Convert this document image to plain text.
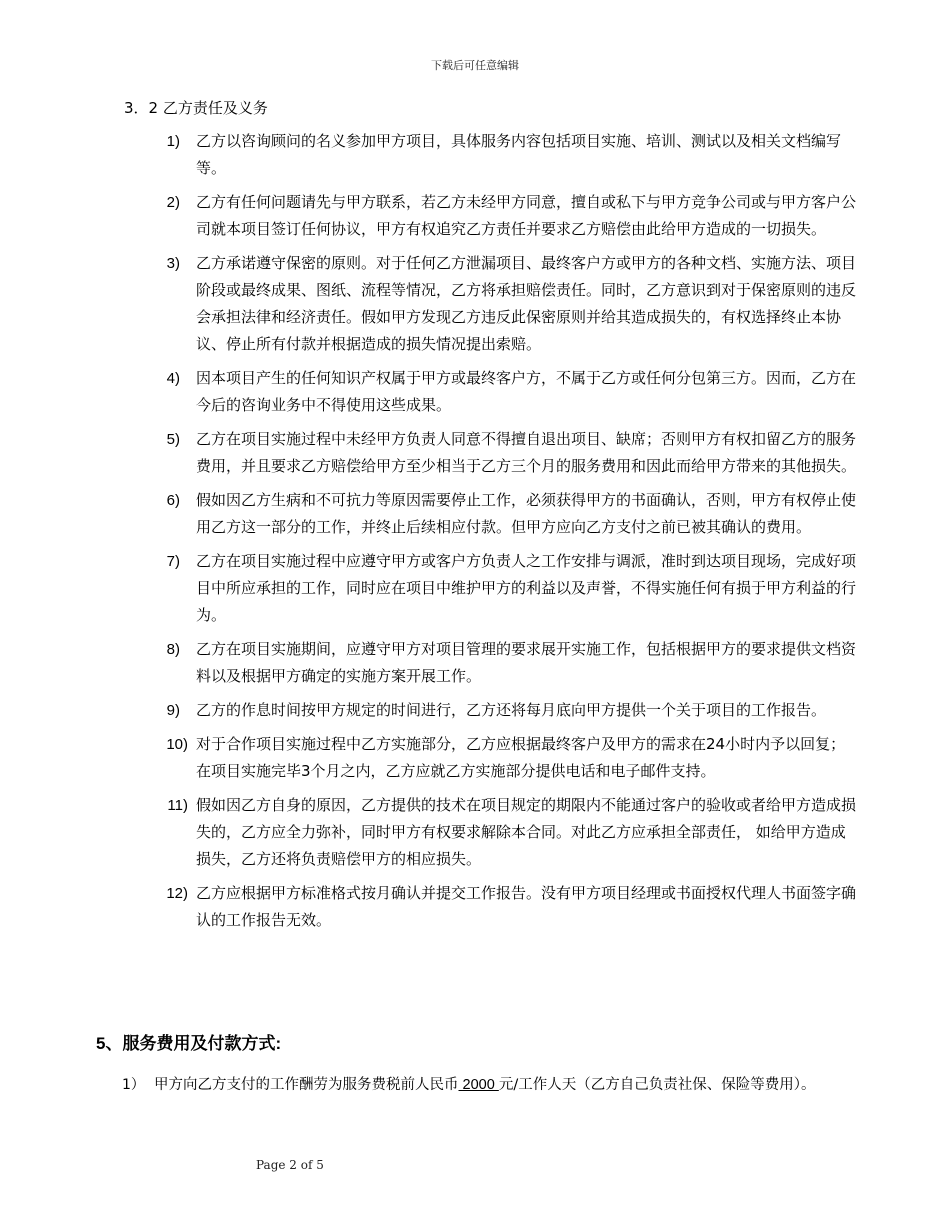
下载后可任意编辑
3．2 乙方责任及义务
1) 乙方以咨询顾问的名义参加甲方项目，具体服务内容包括项目实施、培训、测试以及相关文档编写等。
2) 乙方有任何问题请先与甲方联系，若乙方未经甲方同意，擅自或私下与甲方竞争公司或与甲方客户公司就本项目签订任何协议，甲方有权追究乙方责任并要求乙方赔偿由此给甲方造成的一切损失。
3) 乙方承诺遵守保密的原则。对于任何乙方泄漏项目、最终客户方或甲方的各种文档、实施方法、项目阶段或最终成果、图纸、流程等情况，乙方将承担赔偿责任。同时，乙方意识到对于保密原则的违反会承担法律和经济责任。假如甲方发现乙方违反此保密原则并给其造成损失的，有权选择终止本协议、停止所有付款并根据造成的损失情况提出索赔。
4) 因本项目产生的任何知识产权属于甲方或最终客户方，不属于乙方或任何分包第三方。因而，乙方在今后的咨询业务中不得使用这些成果。
5) 乙方在项目实施过程中未经甲方负责人同意不得擅自退出项目、缺席；否则甲方有权扣留乙方的服务费用，并且要求乙方赔偿给甲方至少相当于乙方三个月的服务费用和因此而给甲方带来的其他损失。
6) 假如因乙方生病和不可抗力等原因需要停止工作，必须获得甲方的书面确认，否则，甲方有权停止使用乙方这一部分的工作，并终止后续相应付款。但甲方应向乙方支付之前已被其确认的费用。
7) 乙方在项目实施过程中应遵守甲方或客户方负责人之工作安排与调派，准时到达项目现场，完成好项目中所应承担的工作，同时应在项目中维护甲方的利益以及声誉，不得实施任何有损于甲方利益的行为。
8) 乙方在项目实施期间，应遵守甲方对项目管理的要求展开实施工作，包括根据甲方的要求提供文档资料以及根据甲方确定的实施方案开展工作。
9) 乙方的作息时间按甲方规定的时间进行，乙方还将每月底向甲方提供一个关于项目的工作报告。
10) 对于合作项目实施过程中乙方实施部分，乙方应根据最终客户及甲方的需求在24小时内予以回复； 在项目实施完毕3个月之内，乙方应就乙方实施部分提供电话和电子邮件支持。
11) 假如因乙方自身的原因，乙方提供的技术在项目规定的期限内不能通过客户的验收或者给甲方造成损失的，乙方应全力弥补，同时甲方有权要求解除本合同。对此乙方应承担全部责任， 如给甲方造成损失，乙方还将负责赔偿甲方的相应损失。
12) 乙方应根据甲方标准格式按月确认并提交工作报告。没有甲方项目经理或书面授权代理人书面签字确认的工作报告无效。
5、服务费用及付款方式:
1） 甲方向乙方支付的工作酬劳为服务费税前人民币 2000 元/工作人天（乙方自己负责社保、保险等费用）。
Page 2 of 5
